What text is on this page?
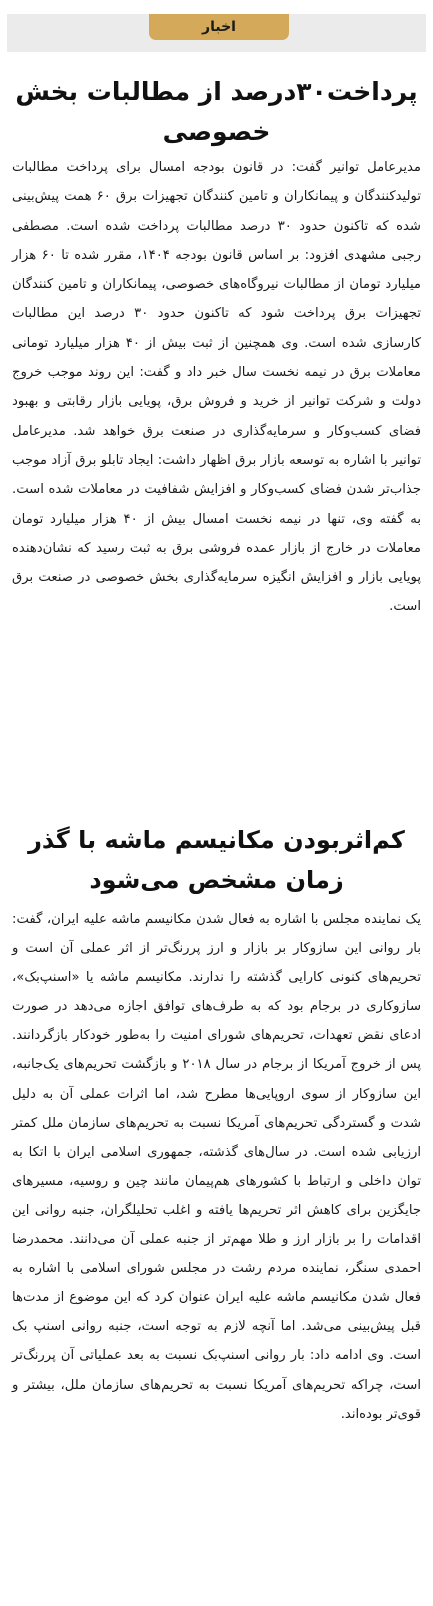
اخبار
پرداخت۳۰درصد از مطالبات بخش خصوصی

مدیرعامل توانیر گفت: در قانون بودجه امسال برای پرداخت مطالبات تولیدکنندگان و پیمانکاران و تامین کنندگان تجهیزات برق ۶۰ همت پیش‌بینی شده که تاکنون حدود ۳۰ درصد مطالبات پرداخت شده است. مصطفی رجبی مشهدی افزود: بر اساس قانون بودجه ۱۴۰۴، مقرر شده تا ۶۰ هزار میلیارد تومان از مطالبات نیروگاه‌های خصوصی، پیمانکاران و تامین کنندگان تجهیزات برق پرداخت شود که تاکنون حدود ۳۰ درصد این مطالبات کارسازی شده است. وی همچنین از ثبت بیش از ۴۰ هزار میلیارد تومانی معاملات برق در نیمه نخست سال خبر داد و گفت: این روند موجب خروج دولت و شرکت توانیر از خرید و فروش برق، پویایی بازار رقابتی و بهبود فضای کسب‌وکار و سرمایه‌گذاری در صنعت برق خواهد شد. مدیرعامل توانیر با اشاره به توسعه بازار برق اظهار داشت: ایجاد تابلو برق آزاد موجب جذاب‌تر شدن فضای کسب‌وکار و افزایش شفافیت در معاملات شده است. به گفته وی، تنها در نیمه نخست امسال بیش از ۴۰ هزار میلیارد تومان معاملات در خارج از بازار عمده فروشی برق به ثبت رسید که نشان‌دهنده پویایی بازار و افزایش انگیزه سرمایه‌گذاری بخش خصوصی در صنعت برق است.

کم‌اثربودن مکانیسم ماشه با گذر زمان مشخص می‌شود

یک نماینده مجلس با اشاره به فعال شدن مکانیسم ماشه علیه ایران، گفت: بار روانی این سازوکار بر بازار و ارز پررنگ‌تر از اثر عملی آن است و تحریم‌های کنونی کارایی گذشته را ندارند. مکانیسم ماشه یا «اسنپ‌بک»، سازوکاری در برجام بود که به طرف‌های توافق اجازه می‌دهد در صورت ادعای نقض تعهدات، تحریم‌های شورای امنیت را به‌طور خودکار بازگردانند. پس از خروج آمریکا از برجام در سال ۲۰۱۸ و بازگشت تحریم‌های یک‌جانبه، این سازوکار از سوی اروپایی‌ها مطرح شد، اما اثرات عملی آن به دلیل شدت و گستردگی تحریم‌های آمریکا نسبت به تحریم‌های سازمان ملل کمتر ارزیابی شده است. در سال‌های گذشته، جمهوری اسلامی ایران با اتکا به توان داخلی و ارتباط با کشورهای هم‌پیمان مانند چین و روسیه، مسیرهای جایگزین برای کاهش اثر تحریم‌ها یافته و اغلب تحلیلگران، جنبه روانی این اقدامات را بر بازار ارز و طلا مهم‌تر از جنبه عملی آن می‌دانند. محمدرضا احمدی سنگر، نماینده مردم رشت در مجلس شورای اسلامی با اشاره به فعال شدن مکانیسم ماشه علیه ایران عنوان کرد که این موضوع از مدت‌ها قبل پیش‌بینی می‌شد. اما آنچه لازم به توجه است، جنبه روانی اسنپ بک است. وی ادامه داد: بار روانی اسنپ‌بک نسبت به بعد عملیاتی آن پررنگ‌تر است، چراکه تحریم‌های آمریکا نسبت به تحریم‌های سازمان ملل، بیشتر و قوی‌تر بوده‌اند.
